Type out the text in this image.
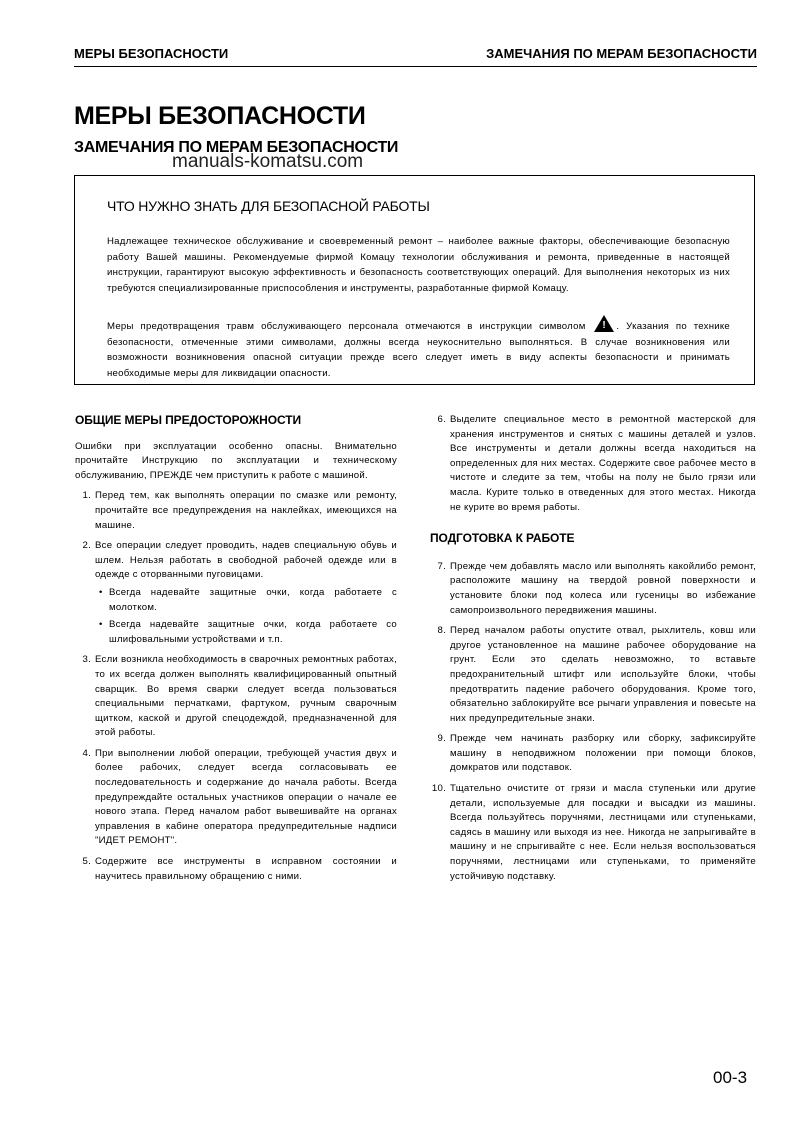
МЕРЫ БЕЗОПАСНОСТИ	ЗАМЕЧАНИЯ ПО МЕРАМ БЕЗОПАСНОСТИ
МЕРЫ БЕЗОПАСНОСТИ
ЗАМЕЧАНИЯ ПО МЕРАМ БЕЗОПАСНОСТИ
manuals-komatsu.com
ЧТО НУЖНО ЗНАТЬ ДЛЯ БЕЗОПАСНОЙ РАБОТЫ

Надлежащее техническое обслуживание и своевременный ремонт – наиболее важные факторы, обеспечивающие безопасную работу Вашей машины. Рекомендуемые фирмой Комацу технологии обслуживания и ремонта, приведенные в настоящей инструкции, гарантируют высокую эффективность и безопасность соответствующих операций. Для выполнения некоторых из них требуются специализированные приспособления и инструменты, разработанные фирмой Комацу.

Меры предотвращения травм обслуживающего персонала отмечаются в инструкции символом !	. Указания по технике безопасности, отмеченные этими символами, должны всегда неукоснительно выполняться. В случае возникновения или возможности возникновения опасной ситуации прежде всего следует иметь в виду аспекты безопасности и принимать необходимые меры для ликвидации опасности.

ОБЩИЕ МЕРЫ ПРЕДОСТОРОЖНОСТИ

Ошибки при эксплуатации особенно опасны. Внимательно прочитайте Инструкцию по эксплуатации и техническому обслуживанию, ПРЕЖДЕ чем приступить к работе с машиной.

1. Перед тем, как выполнять операции по смазке или ремонту, прочитайте все предупреждения на наклейках, имеющихся на машине.
2. Все операции следует проводить, надев специальную обувь и шлем. Нельзя работать в свободной рабочей одежде или в одежде с оторванными пуговицами.
• Всегда надевайте защитные очки, когда работаете с молотком.
• Всегда надевайте защитные очки, когда работаете со шлифовальными устройствами и т.п.
3. Если возникла необходимость в сварочных ремонтных работах, то их всегда должен выполнять квалифицированный опытный сварщик. Во время сварки следует всегда пользоваться специальными перчатками, фартуком, ручным сварочным щитком, каской и другой спецодеждой, предназначенной для этой работы.
4. При выполнении любой операции, требующей участия двух и более рабочих, следует всегда согласовывать ее последовательность и содержание до начала работы. Всегда предупреждайте остальных участников операции о начале ее нового этапа. Перед началом работ вывешивайте на органах управления в кабине оператора предупредительные надписи "ИДЕТ РЕМОНТ".
5. Содержите все инструменты в исправном состоянии и научитесь правильному обращению с ними.
6. Выделите специальное место в ремонтной мастерской для хранения инструментов и снятых с машины деталей и узлов. Все инструменты и детали должны всегда находиться на определенных для них местах. Содержите свое рабочее место в чистоте и следите за тем, чтобы на полу не было грязи или масла. Курите только в отведенных для этого местах. Никогда не курите во время работы.
ПОДГОТОВКА К РАБОТЕ
7. Прежде чем добавлять масло или выполнять какойлибо ремонт, расположите машину на твердой ровной поверхности и установите блоки под колеса или гусеницы во избежание самопроизвольного передвижения машины.
8. Перед началом работы опустите отвал, рыхлитель, ковш или другое установленное на машине рабочее оборудование на грунт. Если это сделать невозможно, то вставьте предохранительный штифт или используйте блоки, чтобы предотвратить падение рабочего оборудования. Кроме того, обязательно заблокируйте все рычаги управления и повесьте на них предупредительные знаки.
9. Прежде чем начинать разборку или сборку, зафиксируйте машину в неподвижном положении при помощи блоков, домкратов или подставок.
10. Тщательно очистите от грязи и масла ступеньки или другие детали, используемые для посадки и высадки из машины. Всегда пользуйтесь поручнями, лестницами или ступеньками, садясь в машину или выходя из нее. Никогда не запрыгивайте в машину и не спрыгивайте с нее. Если нельзя воспользоваться поручнями, лестницами или ступеньками, то применяйте устойчивую подставку.
00-3
